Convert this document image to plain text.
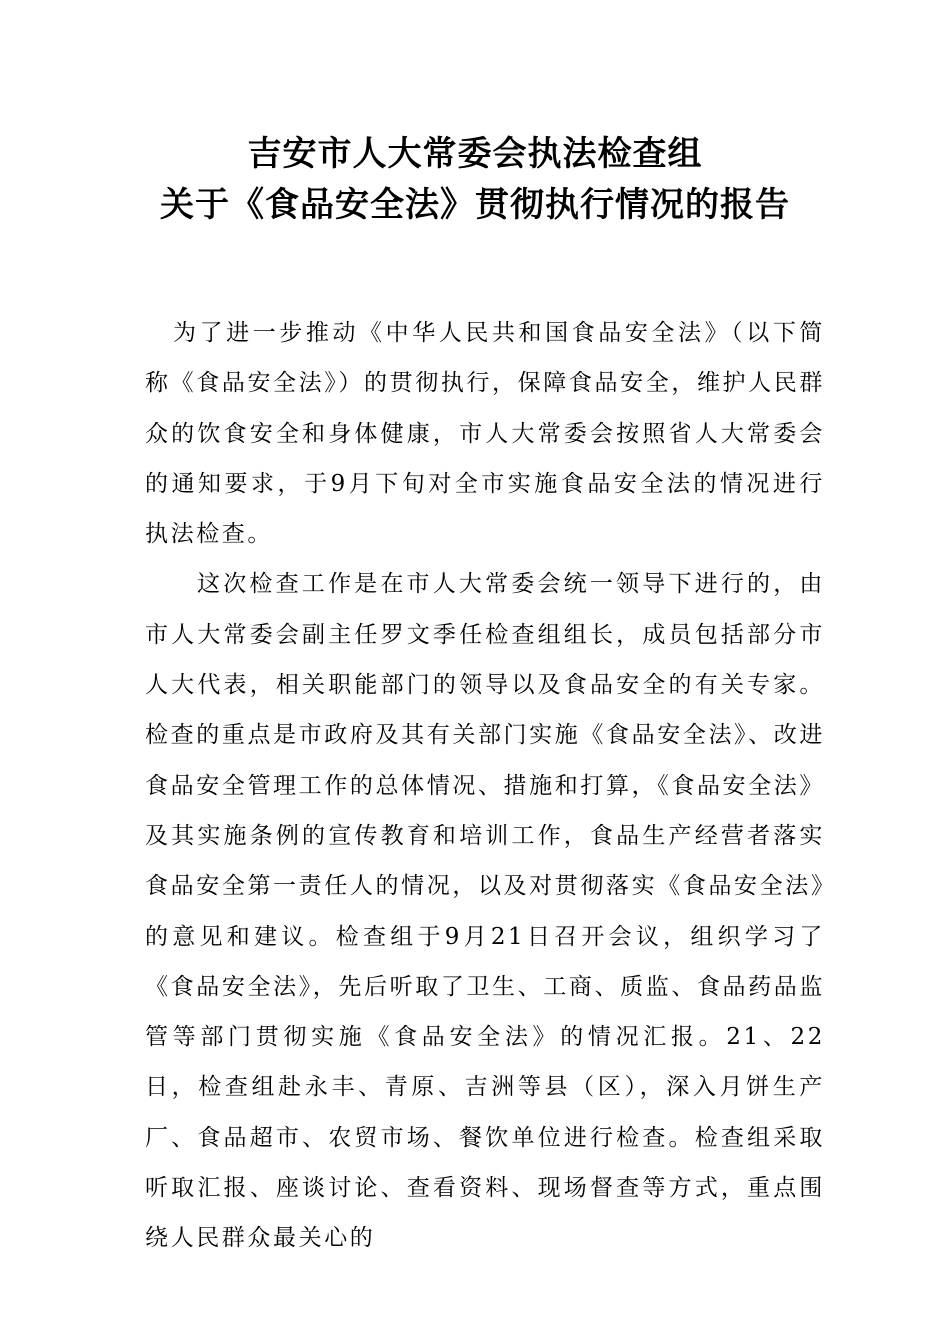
吉安市人大常委会执法检查组
关于《食品安全法》贯彻执行情况的报告

为了进一步推动《中华人民共和国食品安全法》（以下简称《食品安全法》）的贯彻执行，保障食品安全，维护人民群众的饮食安全和身体健康，市人大常委会按照省人大常委会的通知要求，于9月下旬对全市实施食品安全法的情况进行执法检查。

这次检查工作是在市人大常委会统一领导下进行的，由市人大常委会副主任罗文季任检查组组长，成员包括部分市人大代表，相关职能部门的领导以及食品安全的有关专家。检查的重点是市政府及其有关部门实施《食品安全法》、改进食品安全管理工作的总体情况、措施和打算，《食品安全法》及其实施条例的宣传教育和培训工作，食品生产经营者落实食品安全第一责任人的情况，以及对贯彻落实《食品安全法》的意见和建议。检查组于9月21日召开会议，组织学习了《食品安全法》，先后听取了卫生、工商、质监、食品药品监管等部门贯彻实施《食品安全法》的情况汇报。21、22日，检查组赴永丰、青原、吉洲等县（区），深入月饼生产厂、食品超市、农贸市场、餐饮单位进行检查。检查组采取听取汇报、座谈讨论、查看资料、现场督查等方式，重点围绕人民群众最关心的
